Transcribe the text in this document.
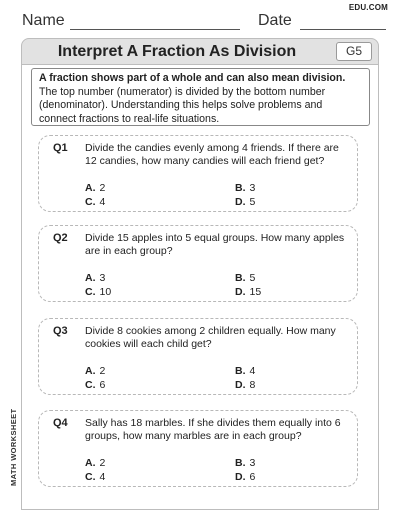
Name	Date
EDU.COM
Interpret A Fraction As Division	G5
A fraction shows part of a whole and can also mean division. The top number (numerator) is divided by the bottom number (denominator). Understanding this helps solve problems and connect fractions to real-life situations.
Q1 Divide the candies evenly among 4 friends. If there are 12 candies, how many candies will each friend get?
A. 2	B. 3
C. 4	D. 5
Q2 Divide 15 apples into 5 equal groups. How many apples are in each group?
A. 3	B. 5
C. 10	D. 15
Q3 Divide 8 cookies among 2 children equally. How many cookies will each child get?
A. 2	B. 4
C. 6	D. 8
Q4 Sally has 18 marbles. If she divides them equally into 6 groups, how many marbles are in each group?
A. 2	B. 3
C. 4	D. 6
MATH WORKSHEET
